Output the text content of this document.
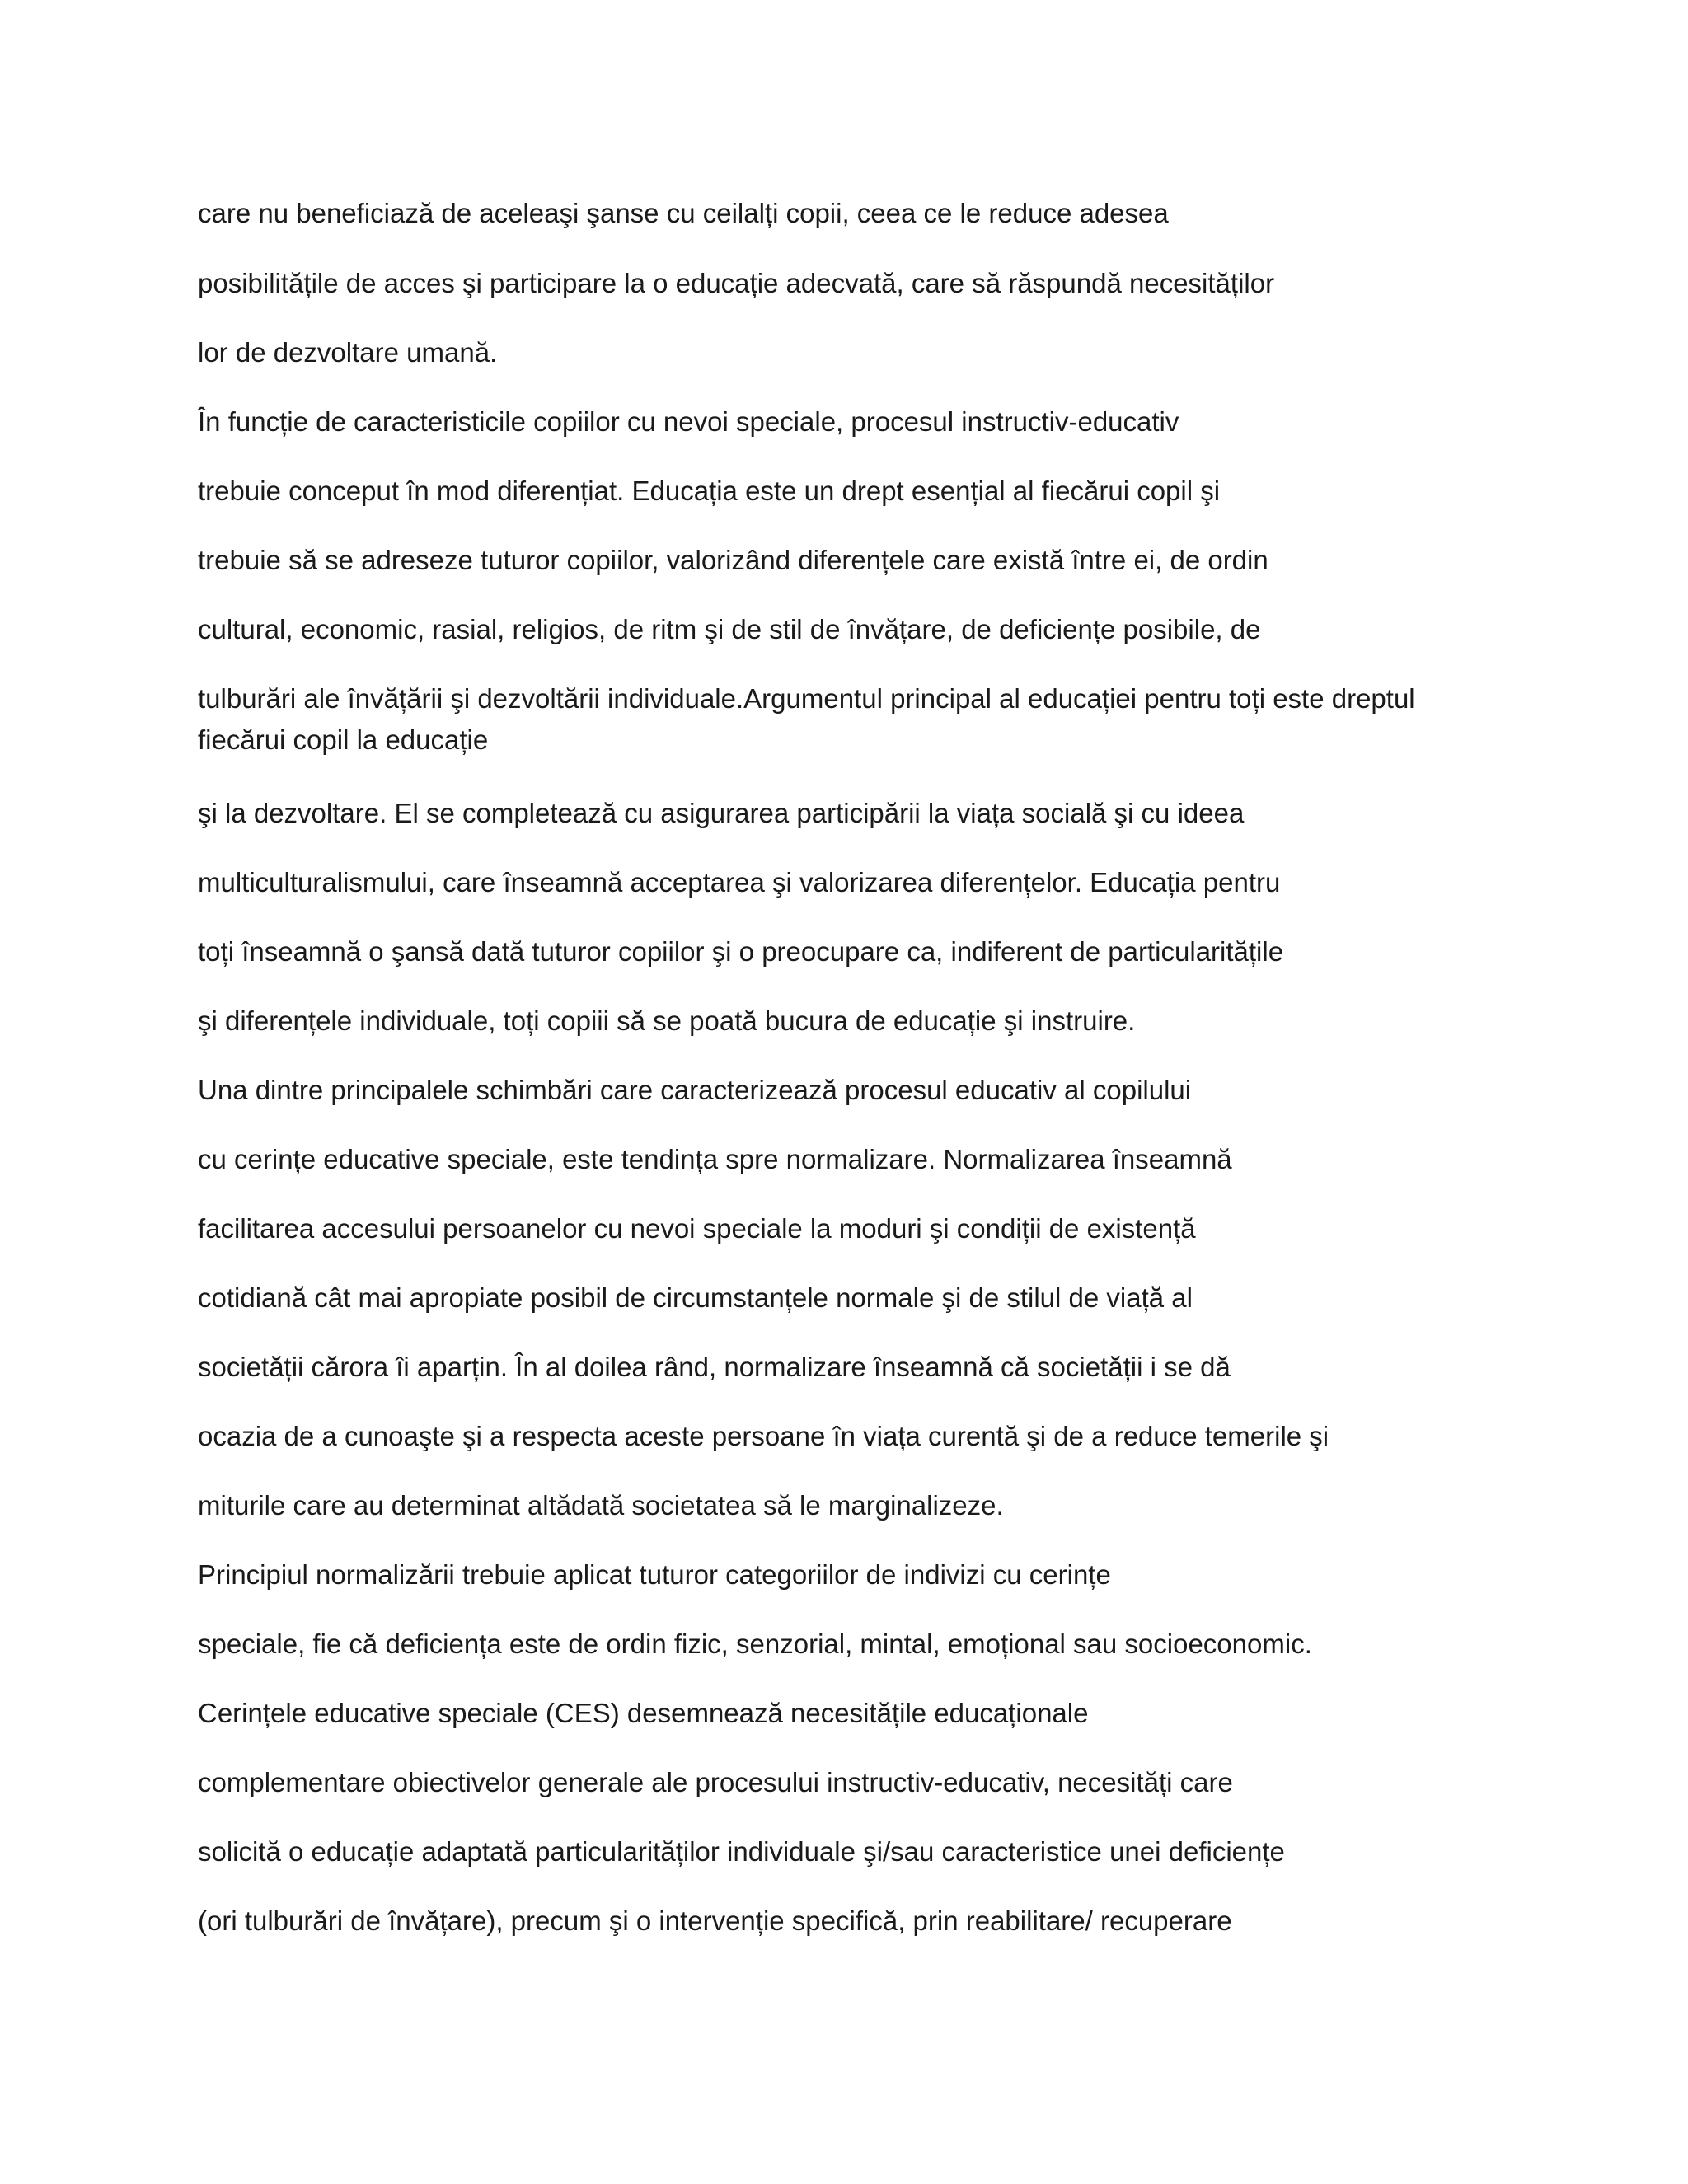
care nu beneficiază de aceleaşi şanse cu ceilalți copii, ceea ce le reduce adesea

posibilitățile de acces şi participare la o educație adecvată, care să răspundă necesităților

lor de dezvoltare umană.

În funcție de caracteristicile copiilor cu nevoi speciale, procesul instructiv-educativ

trebuie conceput în mod diferențiat. Educația este un drept esențial al fiecărui copil şi

trebuie să se adreseze tuturor copiilor, valorizând diferențele care există între ei, de ordin

cultural, economic, rasial, religios, de ritm şi de stil de învățare, de deficiențe posibile, de

tulburări ale învățării şi dezvoltării individuale.Argumentul principal al educației pentru toți este dreptul

fiecărui copil la educație

şi la dezvoltare. El se completează cu asigurarea participării la viața socială şi cu ideea

multiculturalismului, care înseamnă acceptarea şi valorizarea diferențelor. Educația pentru

toți înseamnă o şansă dată tuturor copiilor şi o preocupare ca, indiferent de particularitățile

şi diferențele individuale, toți copiii să se poată bucura de educație şi instruire.

Una dintre principalele schimbări care caracterizează procesul educativ al copilului

cu cerințe educative speciale, este tendința spre normalizare. Normalizarea înseamnă

facilitarea accesului persoanelor cu nevoi speciale la moduri şi condiții de existență

cotidiană cât mai apropiate posibil de circumstanțele normale şi de stilul de viață al

societății cărora îi aparțin. În al doilea rând, normalizare înseamnă că societății i se dă

ocazia de a cunoaşte şi a respecta aceste persoane în viața curentă şi de a reduce temerile şi

miturile care au determinat altădată societatea să le marginalizeze.

Principiul normalizării trebuie aplicat tuturor categoriilor de indivizi cu cerințe

speciale, fie că deficiența este de ordin fizic, senzorial, mintal, emoțional sau socioeconomic.

Cerințele educative speciale (CES) desemnează necesitățile educaționale

complementare obiectivelor generale ale procesului instructiv-educativ, necesități care

solicită o educație adaptată particularităților individuale şi/sau caracteristice unei deficiențe

(ori tulburări de învățare), precum şi o intervenție specifică, prin reabilitare/ recuperare
